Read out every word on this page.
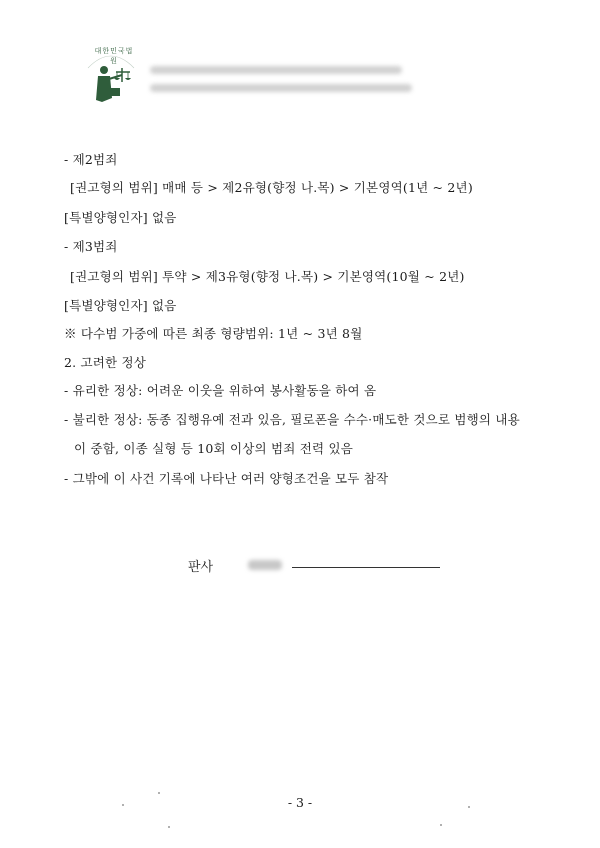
대한민국법원
- 제2범죄
[권고형의 범위] 매매 등 > 제2유형(향정 나.목) > 기본영역(1년 ~ 2년)
[특별양형인자] 없음
- 제3범죄
[권고형의 범위] 투약 > 제3유형(향정 나.목) > 기본영역(10월 ~ 2년)
[특별양형인자] 없음
※ 다수범 가중에 따른 최종 형량범위: 1년 ~ 3년 8월
2. 고려한 정상
- 유리한 정상: 어려운 이웃을 위하여 봉사활동을 하여 옴
- 불리한 정상: 동종 집행유예 전과 있음, 필로폰을 수수·매도한 것으로 범행의 내용
이 중함, 이종 실형 등 10회 이상의 범죄 전력 있음
- 그밖에 이 사건 기록에 나타난 여러 양형조건을 모두 참작
판사
- 3 -
